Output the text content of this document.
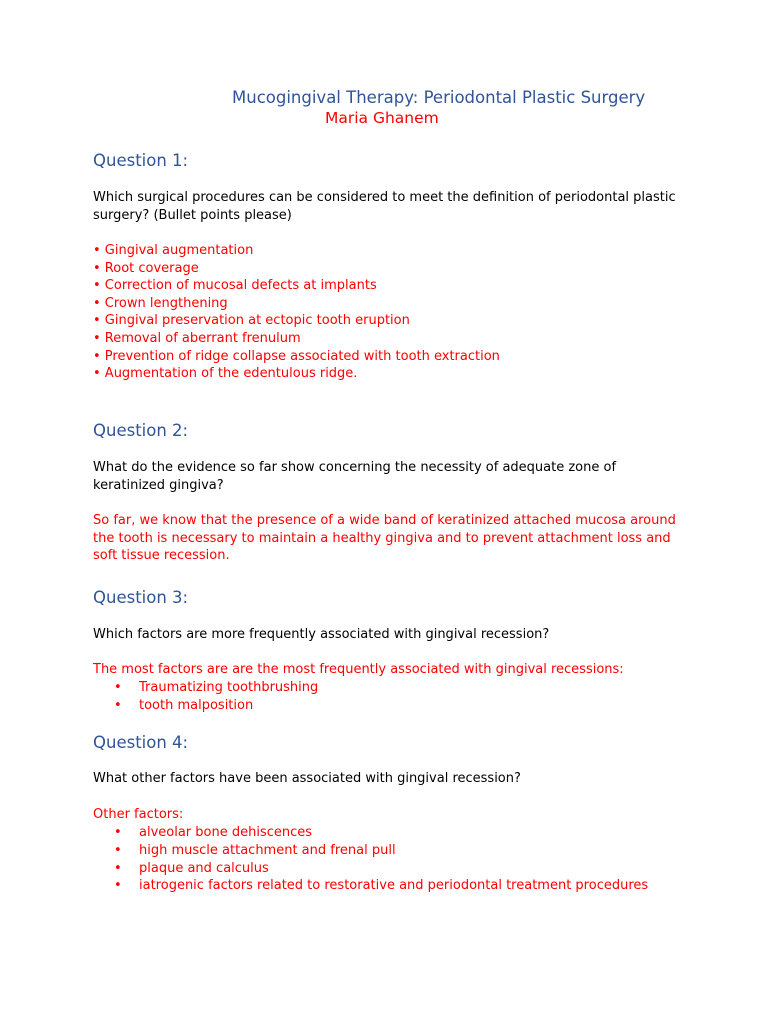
Mucogingival Therapy: Periodontal Plastic Surgery
Maria Ghanem
Question 1:
Which surgical procedures can be considered to meet the definition of periodontal plastic surgery? (Bullet points please)
• Gingival augmentation
• Root coverage
• Correction of mucosal defects at implants
• Crown lengthening
• Gingival preservation at ectopic tooth eruption
• Removal of aberrant frenulum
• Prevention of ridge collapse associated with tooth extraction
• Augmentation of the edentulous ridge.
Question 2:
What do the evidence so far show concerning the necessity of adequate zone of keratinized gingiva?
So far, we know that the presence of a wide band of keratinized attached mucosa around the tooth is necessary to maintain a healthy gingiva and to prevent attachment loss and soft tissue recession.
Question 3:
Which factors are more frequently associated with gingival recession?
The most factors are are the most frequently associated with gingival recessions:
• Traumatizing toothbrushing
• tooth malposition
Question 4:
What other factors have been associated with gingival recession?
Other factors:
• alveolar bone dehiscences
• high muscle attachment and frenal pull
• plaque and calculus
• iatrogenic factors related to restorative and periodontal treatment procedures
